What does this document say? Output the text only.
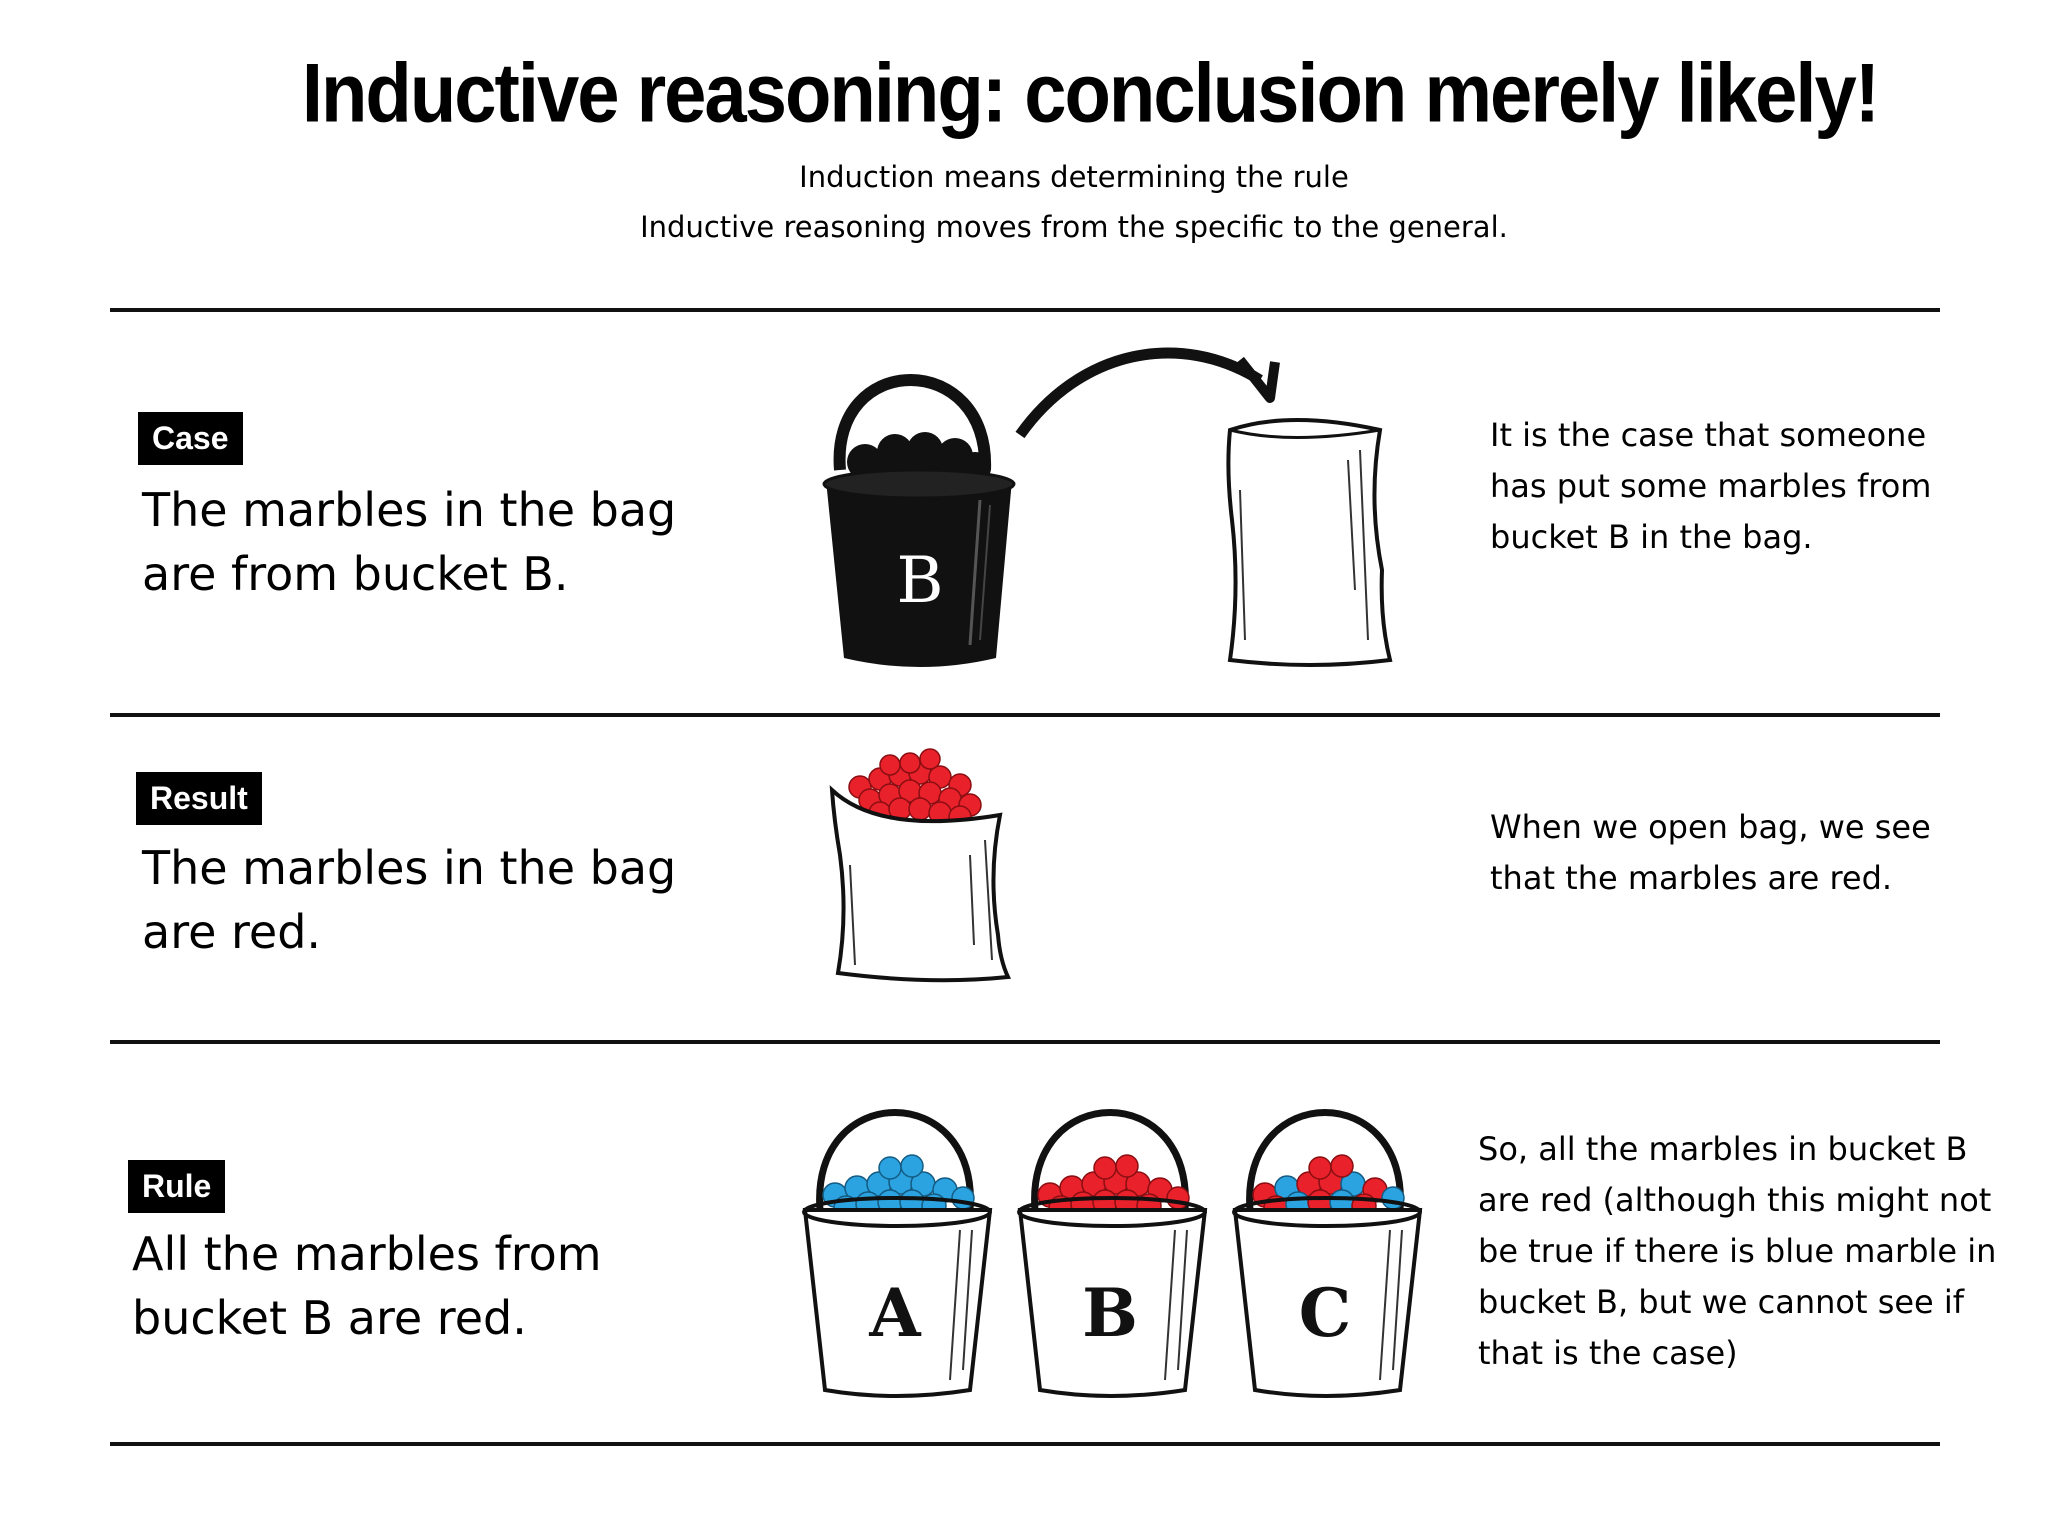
Inductive reasoning: conclusion merely likely!
Induction means determining the rule
Inductive reasoning moves from the specific to the general.
Case
The marbles in the bag are from bucket B.
It is the case that someone has put some marbles from bucket B in the bag.
B
Result
The marbles in the bag are red.
When we open bag, we see that the marbles are red.
Rule
All the marbles from bucket B are red.
So, all the marbles in bucket B are red (although this might not be true if there is blue marble in bucket B, but we cannot see if that is the case)
A B C
